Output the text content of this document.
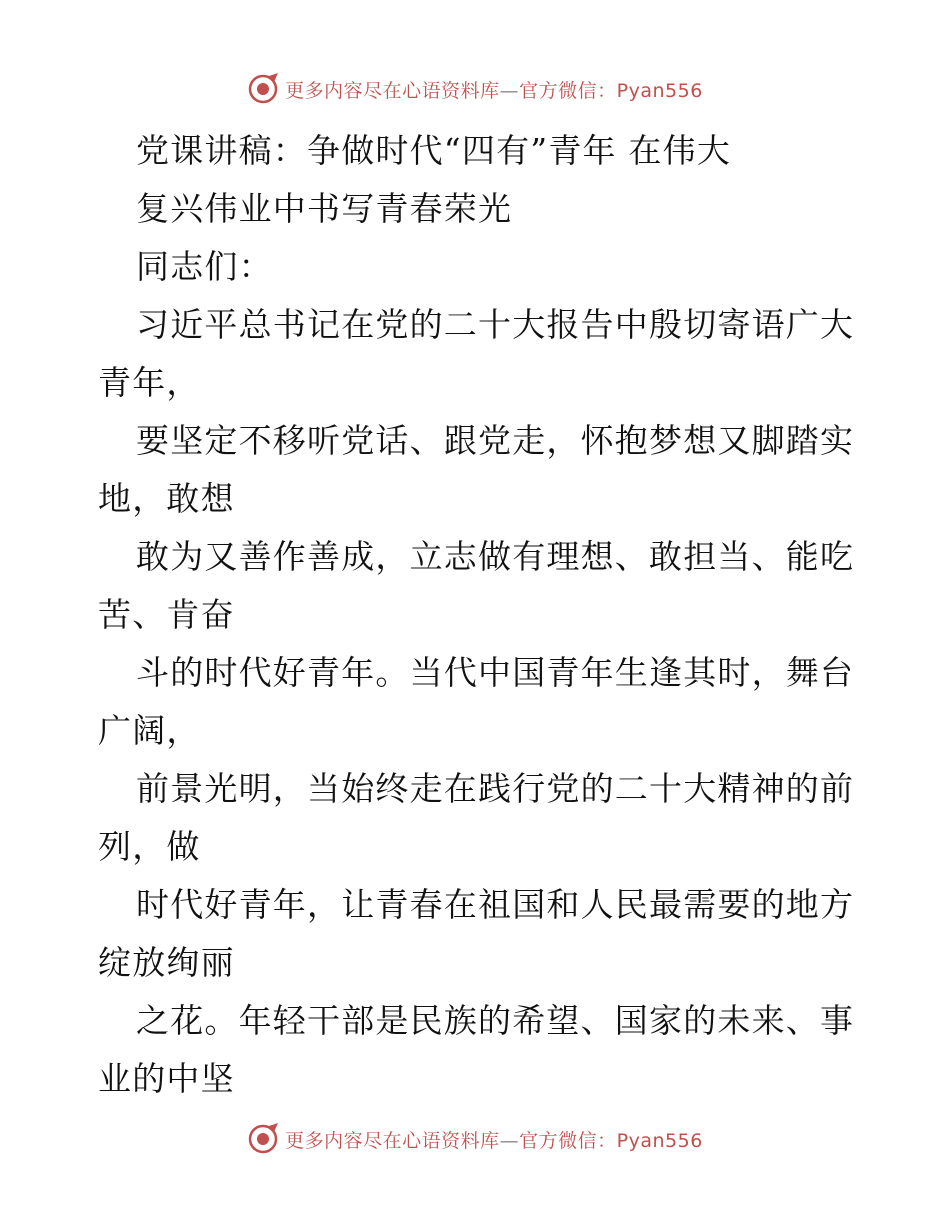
更多内容尽在心语资料库—官方微信：Pyan556
党课讲稿：争做时代“四有”青年 在伟大
复兴伟业中书写青春荣光
同志们：
习近平总书记在党的二十大报告中殷切寄语广大
青年，
要坚定不移听党话、跟党走，怀抱梦想又脚踏实
地，敢想
敢为又善作善成，立志做有理想、敢担当、能吃
苦、肯奋
斗的时代好青年。当代中国青年生逢其时，舞台
广阔，
前景光明，当始终走在践行党的二十大精神的前
列，做
时代好青年，让青春在祖国和人民最需要的地方
绽放绚丽
之花。年轻干部是民族的希望、国家的未来、事
业的中坚
更多内容尽在心语资料库—官方微信：Pyan556
